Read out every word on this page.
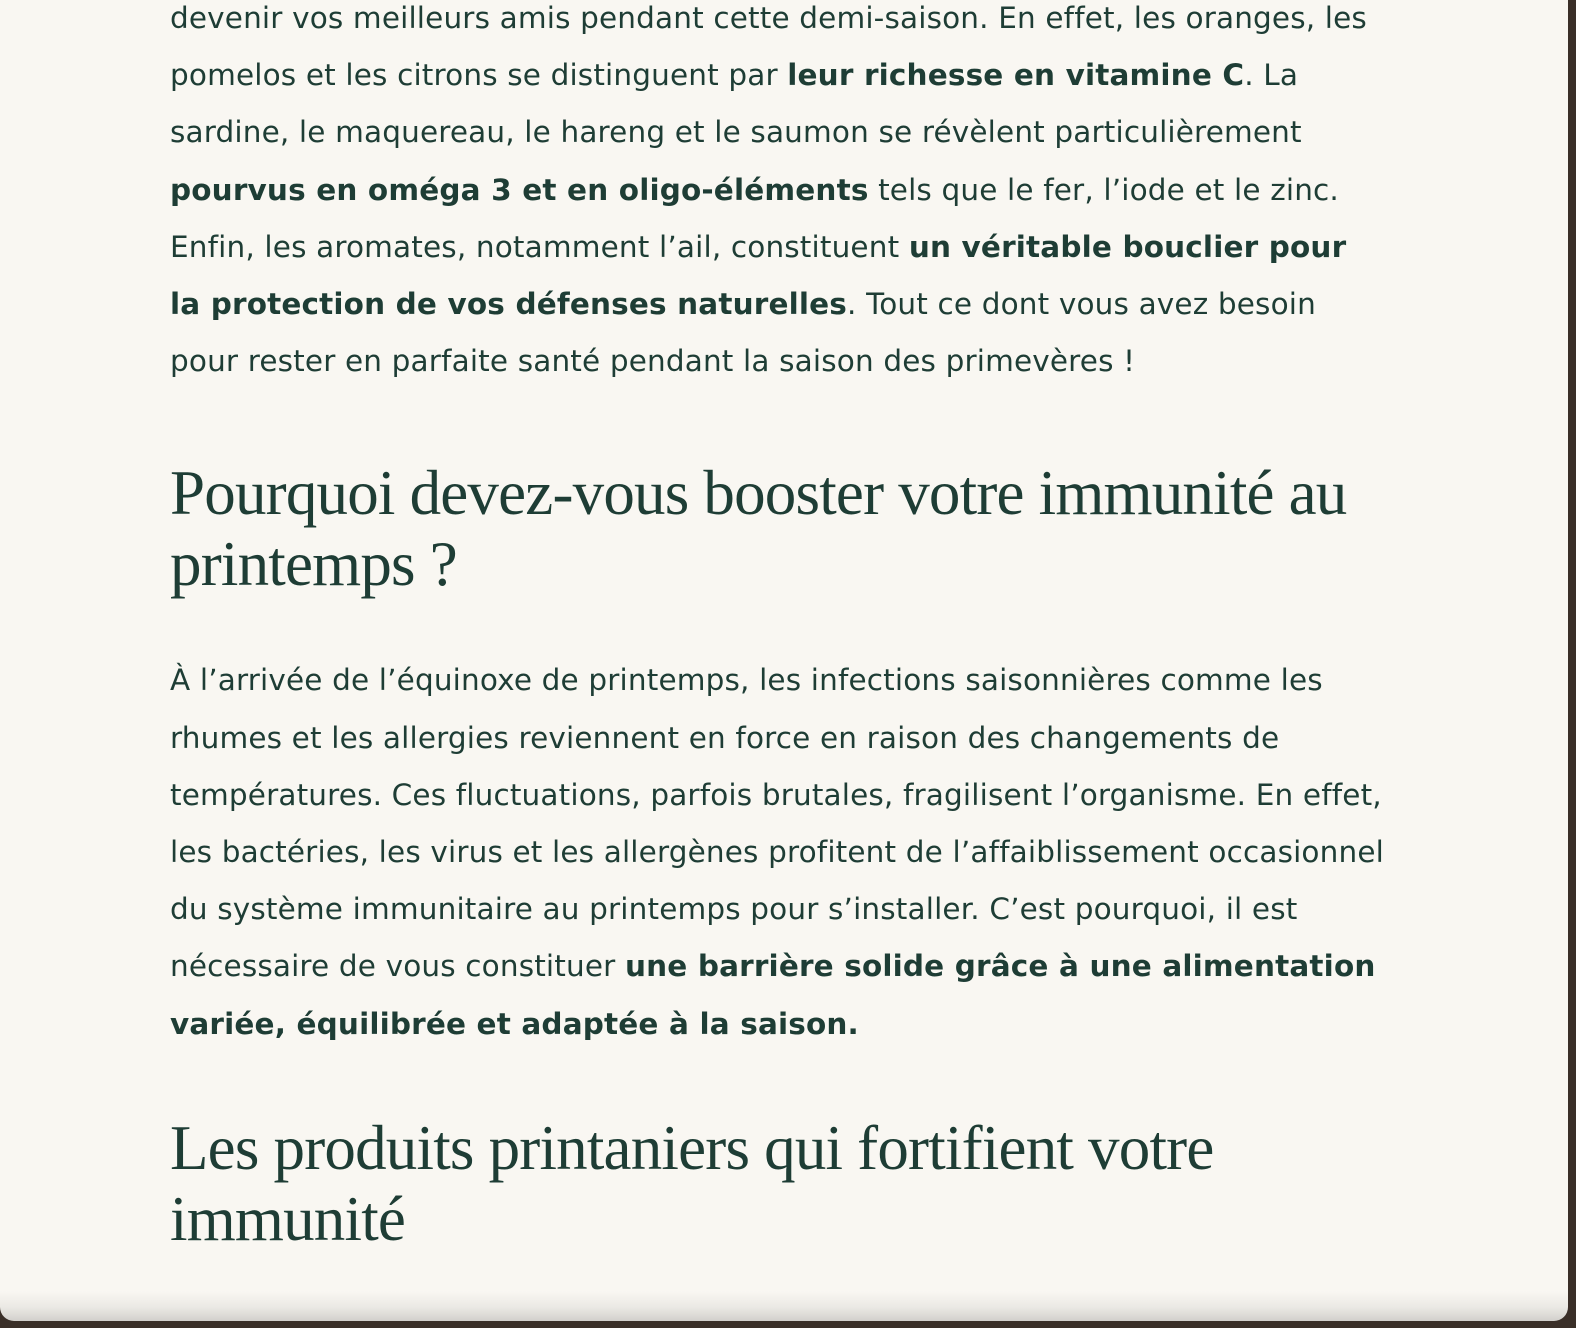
devenir vos meilleurs amis pendant cette demi-saison. En effet, les oranges, les pomelos et les citrons se distinguent par leur richesse en vitamine C. La sardine, le maquereau, le hareng et le saumon se révèlent particulièrement pourvus en oméga 3 et en oligo-éléments tels que le fer, l’iode et le zinc. Enfin, les aromates, notamment l’ail, constituent un véritable bouclier pour la protection de vos défenses naturelles. Tout ce dont vous avez besoin pour rester en parfaite santé pendant la saison des primevères !

Pourquoi devez-vous booster votre immunité au printemps ?

À l’arrivée de l’équinoxe de printemps, les infections saisonnières comme les rhumes et les allergies reviennent en force en raison des changements de températures. Ces fluctuations, parfois brutales, fragilisent l’organisme. En effet, les bactéries, les virus et les allergènes profitent de l’affaiblissement occasionnel du système immunitaire au printemps pour s’installer. C’est pourquoi, il est nécessaire de vous constituer une barrière solide grâce à une alimentation variée, équilibrée et adaptée à la saison.

Les produits printaniers qui fortifient votre immunité
